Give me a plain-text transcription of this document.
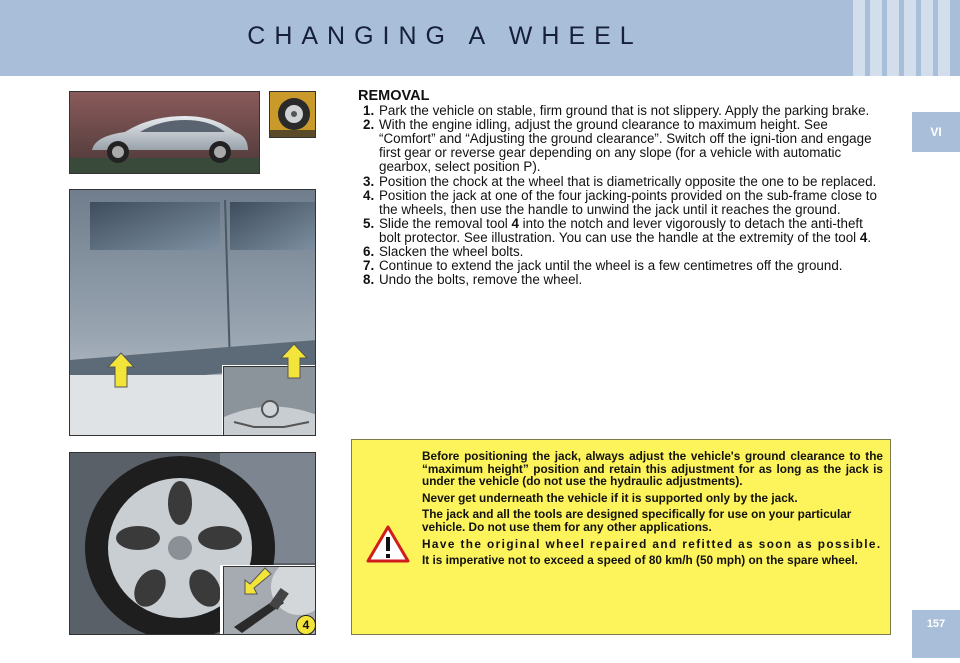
CHANGING A WHEEL
VI
157
4
REMOVAL
1. Park the vehicle on stable, firm ground that is not slippery. Apply the parking brake.
2. With the engine idling, adjust the ground clearance to maximum height. See “Comfort” and “Adjusting the ground clearance”. Switch off the igni-tion and engage first gear or reverse gear depending on any slope (for a vehicle with automatic gearbox, select position P).
3. Position the chock at the wheel that is diametrically opposite the one to be replaced.
4. Position the jack at one of the four jacking-points provided on the sub-frame close to the wheels, then use the handle to unwind the jack until it reaches the ground.
5. Slide the removal tool 4 into the notch and lever vigorously to detach the anti-theft bolt protector. See illustration. You can use the handle at the extremity of the tool 4.
6. Slacken the wheel bolts.
7. Continue to extend the jack until the wheel is a few centimetres off the ground.
8. Undo the bolts, remove the wheel.

Before positioning the jack, always adjust the vehicle's ground clearance to the “maximum height” position and retain this adjustment for as long as the jack is under the vehicle (do not use the hydraulic adjustments).

Never get underneath the vehicle if it is supported only by the jack.

The jack and all the tools are designed specifically for use on your particular vehicle. Do not use them for any other applications.

Have the original wheel repaired and refitted as soon as possible.

It is imperative not to exceed a speed of 80 km/h (50 mph) on the spare wheel.
